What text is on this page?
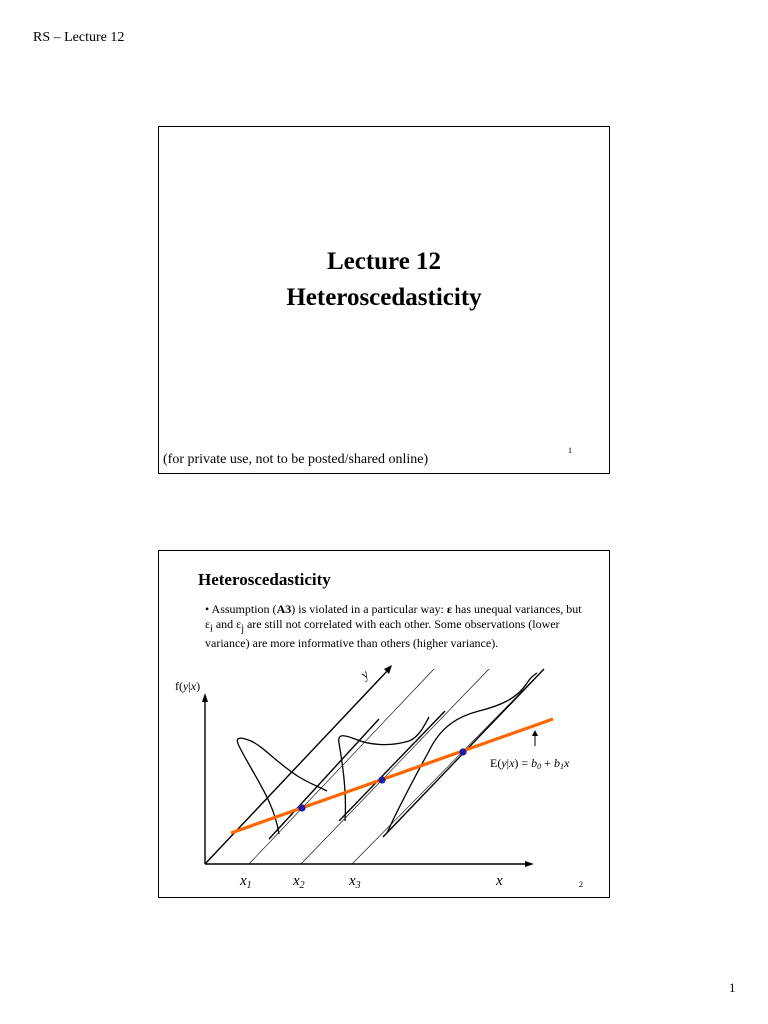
RS – Lecture 12
Lecture 12
Heteroscedasticity
1
(for private use, not to be posted/shared online)
Heteroscedasticity
• Assumption (A3) is violated in a particular way: ε has unequal variances, but $\varepsilon_i$ and $\varepsilon_j$ are still not correlated with each other. Some observations (lower variance) are more informative than others (higher variance).
f(y|x)
y
E(y|x) = b0 + b1x
$x_1$	$x_2$	$x_3$	x	2
1
